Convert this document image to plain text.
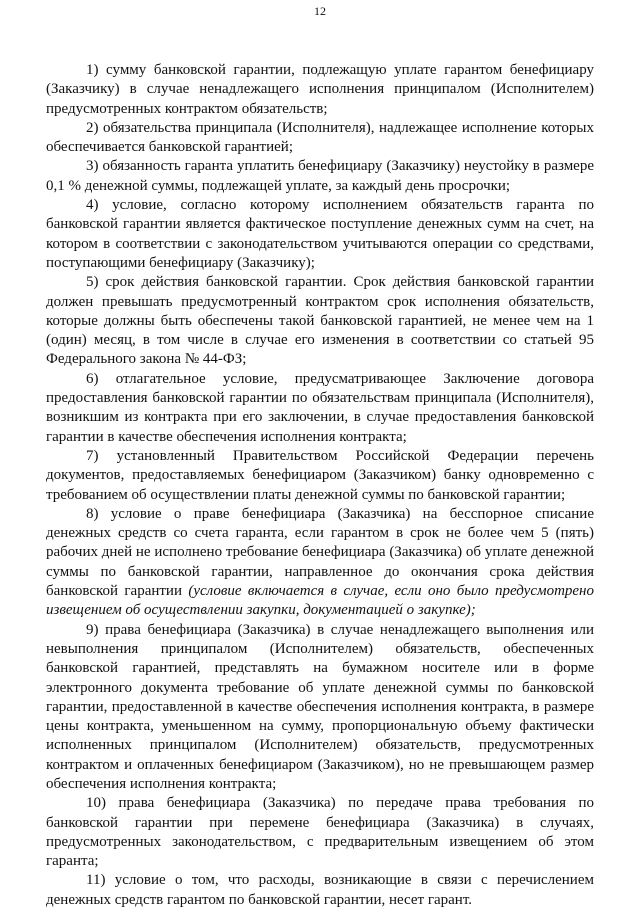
12

1) сумму банковской гарантии, подлежащую уплате гарантом бенефициару (Заказчику) в случае ненадлежащего исполнения принципалом (Исполнителем) предусмотренных контрактом обязательств;

2) обязательства принципала (Исполнителя), надлежащее исполнение которых обеспечивается банковской гарантией;

3) обязанность гаранта уплатить бенефициару (Заказчику) неустойку в размере 0,1 % денежной суммы, подлежащей уплате, за каждый день просрочки;

4) условие, согласно которому исполнением обязательств гаранта по банковской гарантии является фактическое поступление денежных сумм на счет, на котором в соответствии с законодательством учитываются операции со средствами, поступающими бенефициару (Заказчику);

5) срок действия банковской гарантии. Срок действия банковской гарантии должен превышать предусмотренный контрактом срок исполнения обязательств, которые должны быть обеспечены такой банковской гарантией, не менее чем на 1 (один) месяц, в том числе в случае его изменения в соответствии со статьей 95 Федерального закона № 44-ФЗ;

6) отлагательное условие, предусматривающее Заключение договора предоставления банковской гарантии по обязательствам принципала (Исполнителя), возникшим из контракта при его заключении, в случае предоставления банковской гарантии в качестве обеспечения исполнения контракта;

7) установленный Правительством Российской Федерации перечень документов, предоставляемых бенефициаром (Заказчиком) банку одновременно с требованием об осуществлении платы денежной суммы по банковской гарантии;

8) условие о праве бенефициара (Заказчика) на бесспорное списание денежных средств со счета гаранта, если гарантом в срок не более чем 5 (пять) рабочих дней не исполнено требование бенефициара (Заказчика) об уплате денежной суммы по банковской гарантии, направленное до окончания срока действия банковской гарантии (условие включается в случае, если оно было предусмотрено извещением об осуществлении закупки, документацией о закупке);

9) права бенефициара (Заказчика) в случае ненадлежащего выполнения или невыполнения принципалом (Исполнителем) обязательств, обеспеченных банковской гарантией, представлять на бумажном носителе или в форме электронного документа требование об уплате денежной суммы по банковской гарантии, предоставленной в качестве обеспечения исполнения контракта, в размере цены контракта, уменьшенном на сумму, пропорциональную объему фактически исполненных принципалом (Исполнителем) обязательств, предусмотренных контрактом и оплаченных бенефициаром (Заказчиком), но не превышающем размер обеспечения исполнения контракта;

10) права бенефициара (Заказчика) по передаче права требования по банковской гарантии при перемене бенефициара (Заказчика) в случаях, предусмотренных законодательством, с предварительным извещением об этом гаранта;

11) условие о том, что расходы, возникающие в связи с перечислением денежных средств гарантом по банковской гарантии, несет гарант.
